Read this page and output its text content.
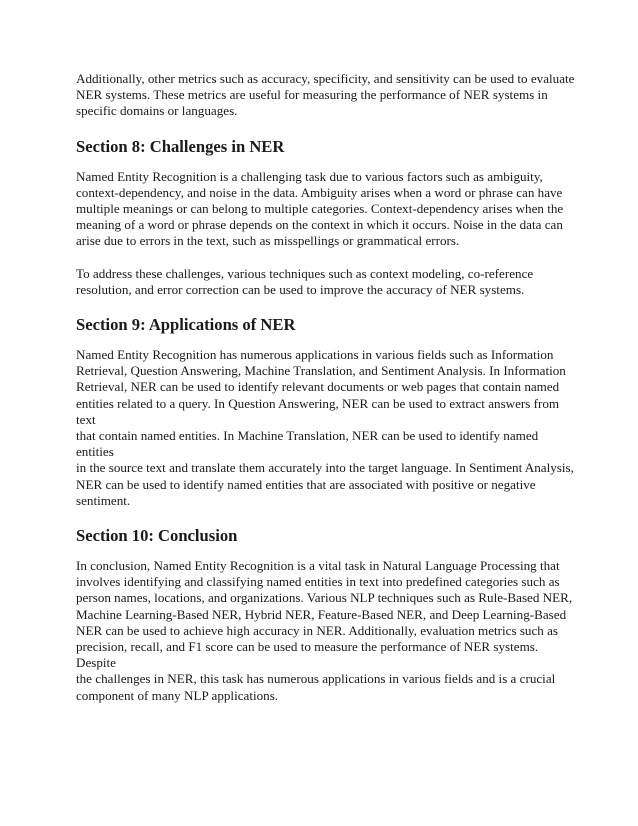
Additionally, other metrics such as accuracy, specificity, and sensitivity can be used to evaluate
NER systems. These metrics are useful for measuring the performance of NER systems in
specific domains or languages.

Section 8: Challenges in NER

Named Entity Recognition is a challenging task due to various factors such as ambiguity,
context-dependency, and noise in the data. Ambiguity arises when a word or phrase can have
multiple meanings or can belong to multiple categories. Context-dependency arises when the
meaning of a word or phrase depends on the context in which it occurs. Noise in the data can
arise due to errors in the text, such as misspellings or grammatical errors.

To address these challenges, various techniques such as context modeling, co-reference
resolution, and error correction can be used to improve the accuracy of NER systems.

Section 9: Applications of NER

Named Entity Recognition has numerous applications in various fields such as Information
Retrieval, Question Answering, Machine Translation, and Sentiment Analysis. In Information
Retrieval, NER can be used to identify relevant documents or web pages that contain named
entities related to a query. In Question Answering, NER can be used to extract answers from text
that contain named entities. In Machine Translation, NER can be used to identify named entities
in the source text and translate them accurately into the target language. In Sentiment Analysis,
NER can be used to identify named entities that are associated with positive or negative
sentiment.

Section 10: Conclusion

In conclusion, Named Entity Recognition is a vital task in Natural Language Processing that
involves identifying and classifying named entities in text into predefined categories such as
person names, locations, and organizations. Various NLP techniques such as Rule-Based NER,
Machine Learning-Based NER, Hybrid NER, Feature-Based NER, and Deep Learning-Based
NER can be used to achieve high accuracy in NER. Additionally, evaluation metrics such as
precision, recall, and F1 score can be used to measure the performance of NER systems. Despite
the challenges in NER, this task has numerous applications in various fields and is a crucial
component of many NLP applications.
